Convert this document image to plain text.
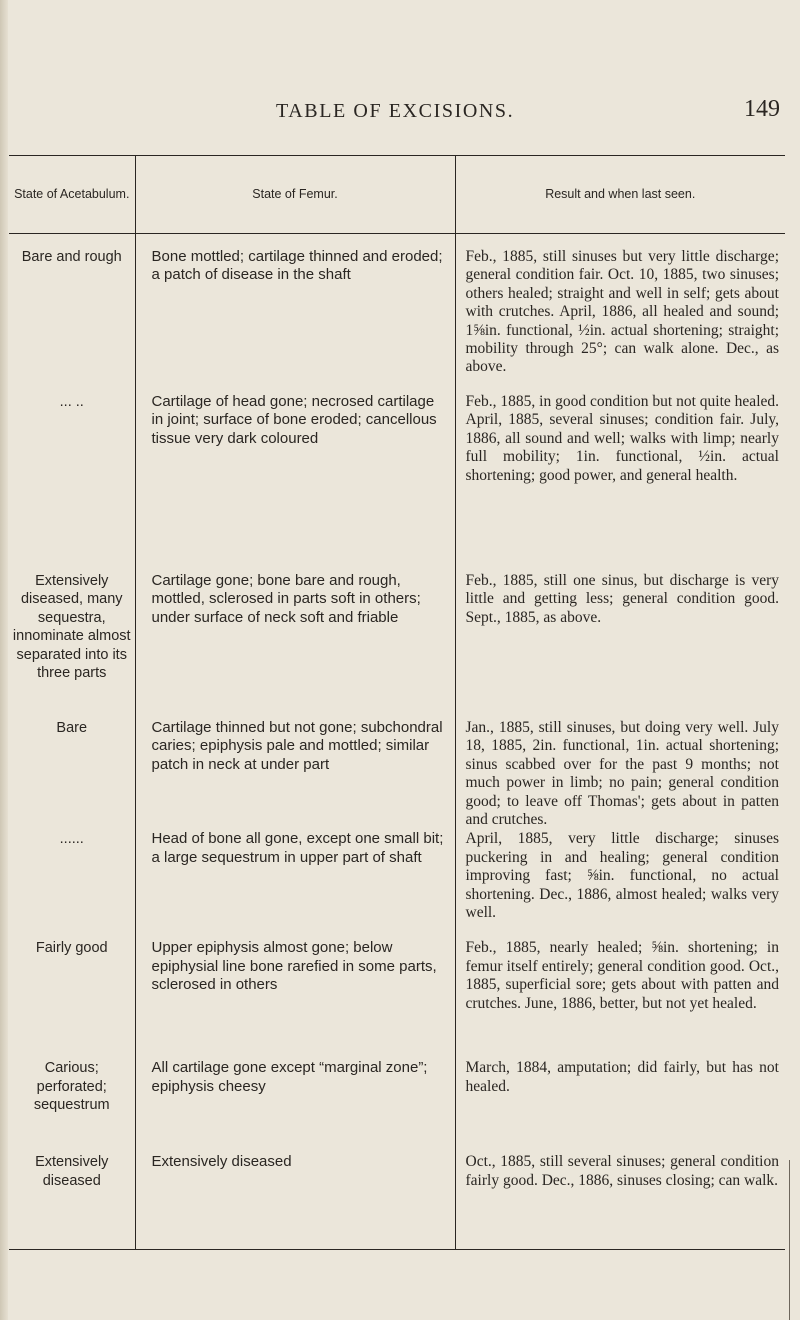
TABLE OF EXCISIONS.	149
State of Acetabulum.	State of Femur.	Result and when last seen.
Bare and rough	Bone mottled; cartilage thinned and eroded; a patch of disease in the shaft	Feb., 1885, still sinuses but very little discharge; general condition fair. Oct. 10, 1885, two sinuses; others healed; straight and well in self; gets about with crutches. April, 1886, all healed and sound; 1⅝in. functional, ½in. actual shortening; straight; mobility through 25°; can walk alone. Dec., as above.
... ..	Cartilage of head gone; necrosed cartilage in joint; surface of bone eroded; cancellous tissue very dark coloured	Feb., 1885, in good condition but not quite healed. April, 1885, several sinuses; condition fair. July, 1886, all sound and well; walks with limp; nearly full mobility; 1in. functional, ½in. actual shortening; good power, and general health.
Extensively diseased, many sequestra, innominate almost separated into its three parts	Cartilage gone; bone bare and rough, mottled, sclerosed in parts soft in others; under surface of neck soft and friable	Feb., 1885, still one sinus, but discharge is very little and getting less; general condition good. Sept., 1885, as above.
Bare	Cartilage thinned but not gone; subchondral caries; epiphysis pale and mottled; similar patch in neck at under part	Jan., 1885, still sinuses, but doing very well. July 18, 1885, 2in. functional, 1in. actual shortening; sinus scabbed over for the past 9 months; not much power in limb; no pain; general condition good; to leave off Thomas'; gets about in patten and crutches.
......	Head of bone all gone, except one small bit; a large sequestrum in upper part of shaft	April, 1885, very little discharge; sinuses puckering in and healing; general condition improving fast; ⅝in. functional, no actual shortening. Dec., 1886, almost healed; walks very well.
Fairly good	Upper epiphysis almost gone; below epiphysial line bone rarefied in some parts, sclerosed in others	Feb., 1885, nearly healed; ⅝in. shortening; in femur itself entirely; general condition good. Oct., 1885, superficial sore; gets about with patten and crutches. June, 1886, better, but not yet healed.
Carious; perforated; sequestrum	All cartilage gone except “marginal zone”; epiphysis cheesy	March, 1884, amputation; did fairly, but has not healed.
Extensively diseased	Extensively diseased	Oct., 1885, still several sinuses; general condition fairly good. Dec., 1886, sinuses closing; can walk.
